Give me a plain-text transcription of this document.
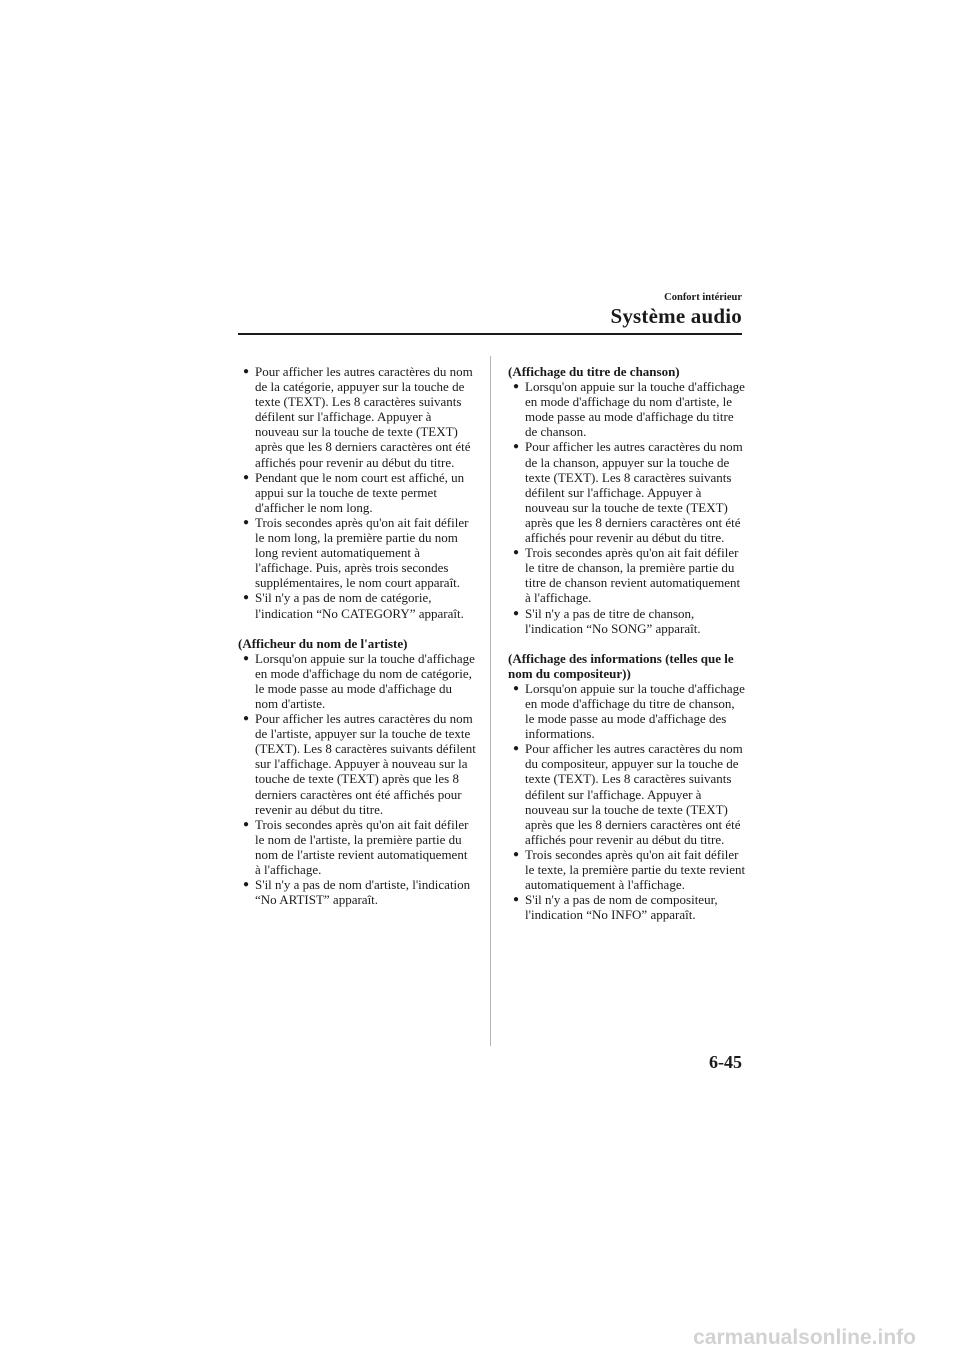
Confort intérieur
Système audio
● Pour afficher les autres caractères du nom de la catégorie, appuyer sur la touche de texte (TEXT). Les 8 caractères suivants défilent sur l'affichage. Appuyer à nouveau sur la touche de texte (TEXT) après que les 8 derniers caractères ont été affichés pour revenir au début du titre.
● Pendant que le nom court est affiché, un appui sur la touche de texte permet d'afficher le nom long.
● Trois secondes après qu'on ait fait défiler le nom long, la première partie du nom long revient automatiquement à l'affichage. Puis, après trois secondes supplémentaires, le nom court apparaît.
● S'il n'y a pas de nom de catégorie, l'indication “No CATEGORY” apparaît.

(Afficheur du nom de l'artiste)

● Lorsqu'on appuie sur la touche d'affichage en mode d'affichage du nom de catégorie, le mode passe au mode d'affichage du nom d'artiste.
● Pour afficher les autres caractères du nom de l'artiste, appuyer sur la touche de texte (TEXT). Les 8 caractères suivants défilent sur l'affichage. Appuyer à nouveau sur la touche de texte (TEXT) après que les 8 derniers caractères ont été affichés pour revenir au début du titre.
● Trois secondes après qu'on ait fait défiler le nom de l'artiste, la première partie du nom de l'artiste revient automatiquement à l'affichage.
● S'il n'y a pas de nom d'artiste, l'indication “No ARTIST” apparaît.

(Affichage du titre de chanson)

● Lorsqu'on appuie sur la touche d'affichage en mode d'affichage du nom d'artiste, le mode passe au mode d'affichage du titre de chanson.
● Pour afficher les autres caractères du nom de la chanson, appuyer sur la touche de texte (TEXT). Les 8 caractères suivants défilent sur l'affichage. Appuyer à nouveau sur la touche de texte (TEXT) après que les 8 derniers caractères ont été affichés pour revenir au début du titre.
● Trois secondes après qu'on ait fait défiler le titre de chanson, la première partie du titre de chanson revient automatiquement à l'affichage.
● S'il n'y a pas de titre de chanson, l'indication “No SONG” apparaît.

(Affichage des informations (telles que le nom du compositeur))

● Lorsqu'on appuie sur la touche d'affichage en mode d'affichage du titre de chanson, le mode passe au mode d'affichage des informations.
● Pour afficher les autres caractères du nom du compositeur, appuyer sur la touche de texte (TEXT). Les 8 caractères suivants défilent sur l'affichage. Appuyer à nouveau sur la touche de texte (TEXT) après que les 8 derniers caractères ont été affichés pour revenir au début du titre.
● Trois secondes après qu'on ait fait défiler le texte, la première partie du texte revient automatiquement à l'affichage.
● S'il n'y a pas de nom de compositeur, l'indication “No INFO” apparaît.
6-45
carmanualsonline.info
